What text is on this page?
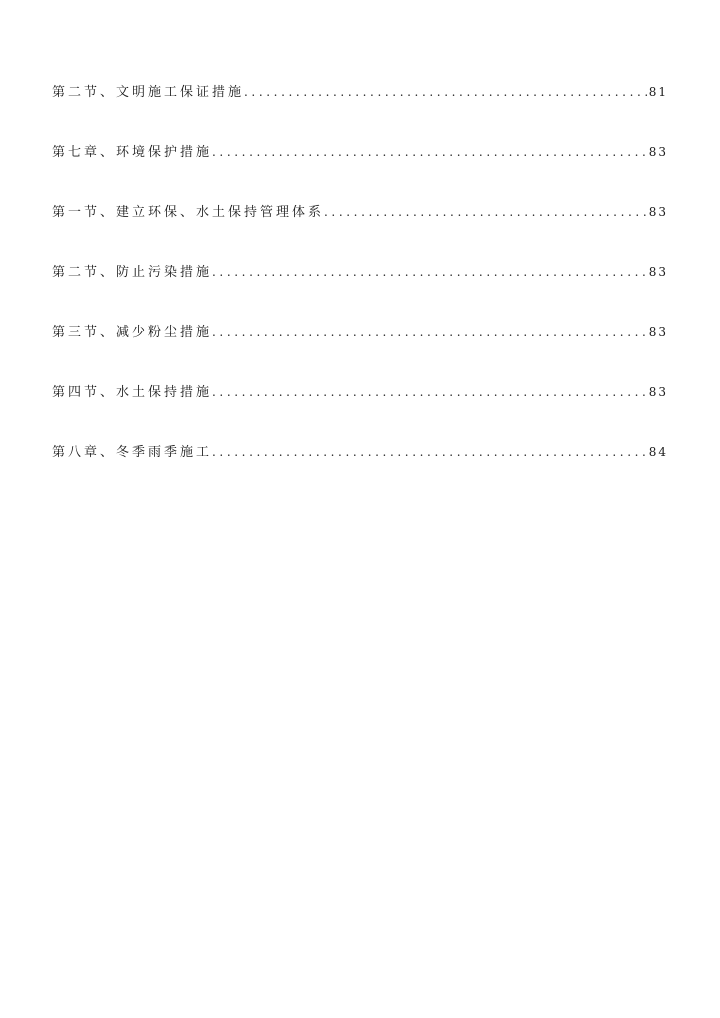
第二节、文明施工保证措施 .....	81
第七章、环境保护措施 .....	83
第一节、建立环保、水土保持管理体系 .....	83
第二节、防止污染措施 .....	83
第三节、减少粉尘措施 .....	83
第四节、水土保持措施 .....	83
第八章、冬季雨季施工 .....	84
